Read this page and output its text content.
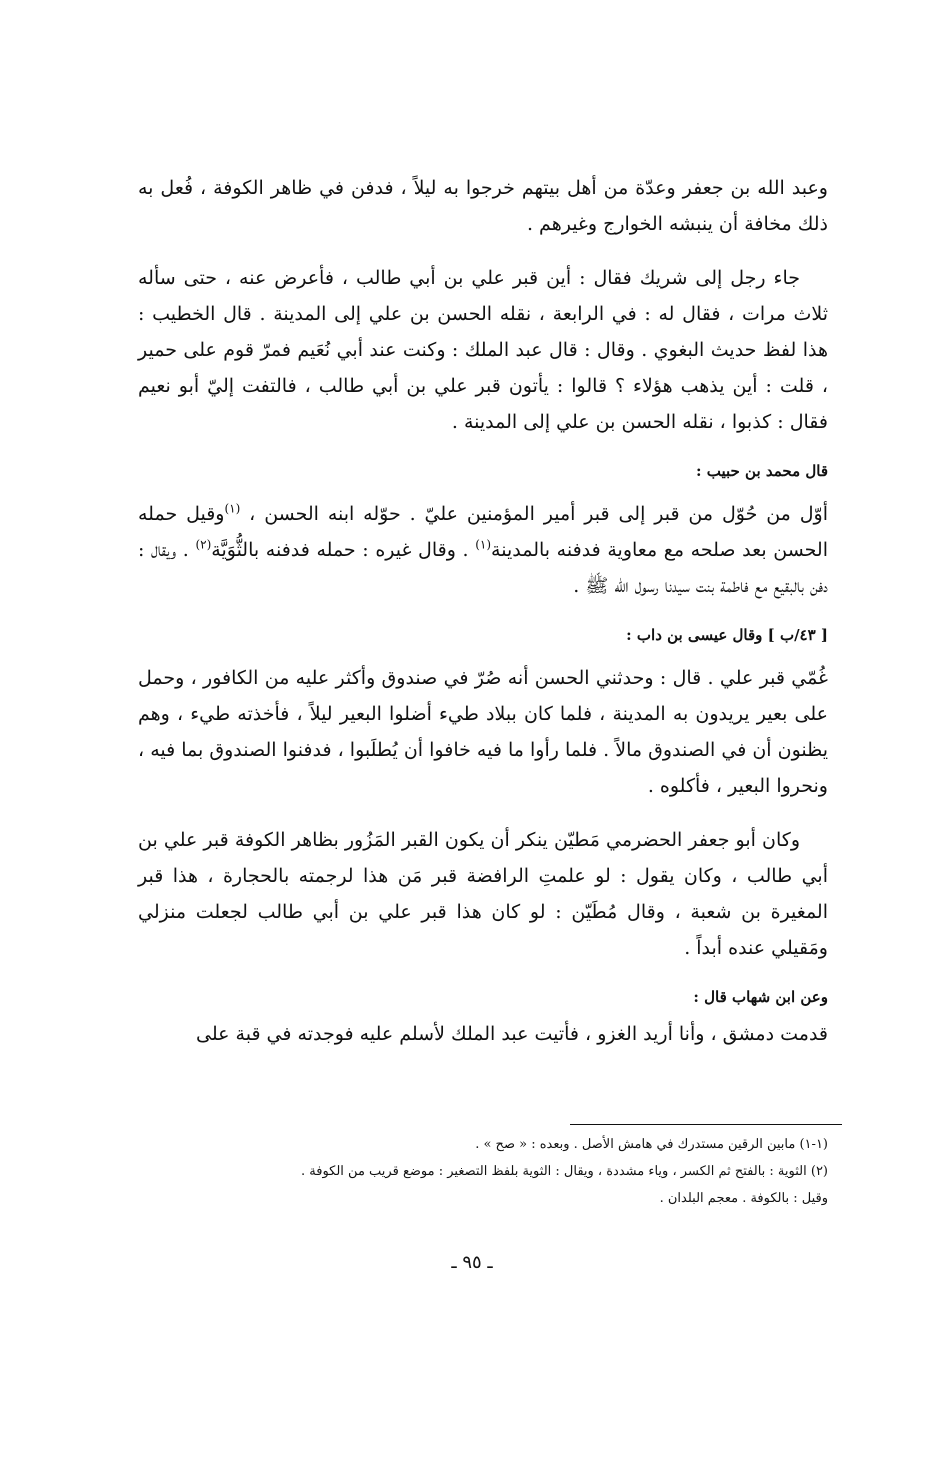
وعبد الله بن جعفر وعدّة من أهل بيتهم خرجوا به ليلاً ، فدفن في ظاهر الكوفة ، فُعل به ذلك مخافة أن ينبشه الخوارج وغيرهم .

جاء رجل إلى شريك فقال : أين قبر علي بن أبي طالب ، فأعرض عنه ، حتى سأله ثلاث مرات ، فقال له : في الرابعة ، نقله الحسن بن علي إلى المدينة . قال الخطيب : هذا لفظ حديث البغوي . وقال : قال عبد الملك : وكنت عند أبي نُعَيم فمرّ قوم على حمير ، قلت : أين يذهب هؤلاء ؟ قالوا : يأتون قبر علي بن أبي طالب ، فالتفت إليّ أبو نعيم فقال : كذبوا ، نقله الحسن بن علي إلى المدينة .

قال محمد بن حبيب :

أوّل من حُوّل من قبر إلى قبر أمير المؤمنين عليّ . حوّله ابنه الحسن ، $^{(١)}$وقيل حمله الحسن بعد صلحه مع معاوية فدفنه بالمدينة$^{(١)}$ . وقال غيره : حمله فدفنه بالثُّوَيَّة$^{(٢)}$ . ويقال : دفن بالبقيع مع فاطمة بنت سيدنا رسول الله ﷺ .

[ ٤٣/ب ] وقال عيسى بن داب :

غُمّي قبر علي . قال : وحدثني الحسن أنه صُرّ في صندوق وأكثر عليه من الكافور ، وحمل على بعير يريدون به المدينة ، فلما كان ببلاد طيء أضلوا البعير ليلاً ، فأخذته طيء ، وهم يظنون أن في الصندوق مالاً . فلما رأوا ما فيه خافوا أن يُطلَبوا ، فدفنوا الصندوق بما فيه ، ونحروا البعير ، فأكلوه .

وكان أبو جعفر الحضرمي مَطيّن ينكر أن يكون القبر المَزُور بظاهر الكوفة قبر علي بن أبي طالب ، وكان يقول : لو علمتِ الرافضة قبر مَن هذا لرجمته بالحجارة ، هذا قبر المغيرة بن شعبة ، وقال مُطَيّن : لو كان هذا قبر علي بن أبي طالب لجعلت منزلي ومَقيلي عنده أبداً .

وعن ابن شهاب قال :

قدمت دمشق ، وأنا أريد الغزو ، فأتيت عبد الملك لأسلم عليه فوجدته في قبة على

(١-١) مابين الرقين مستدرك في هامش الأصل . وبعده : « صح » .

(٢) الثوية : بالفتح ثم الكسر ، وياء مشددة ، ويقال : الثوية بلفظ التصغير : موضع قريب من الكوفة .

وقيل : بالكوفة . معجم البلدان .

ـ ٩٥ ـ
